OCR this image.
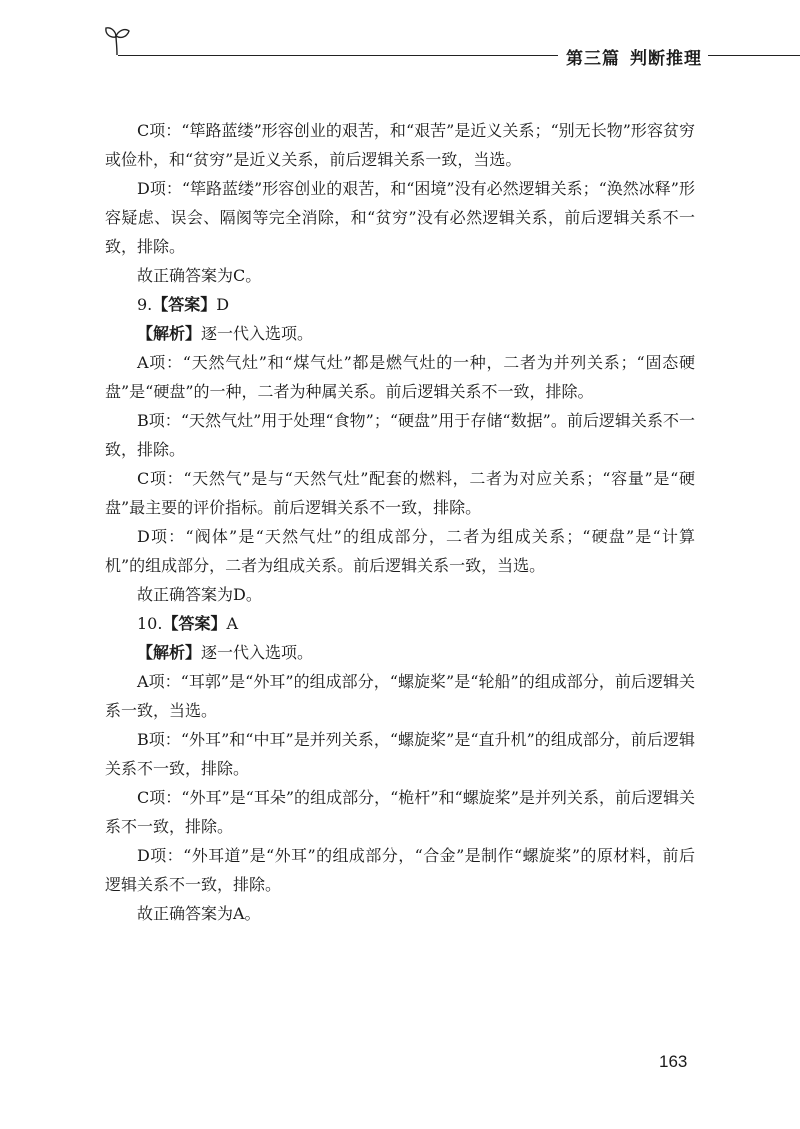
第三篇 判断推理

C项：“筚路蓝缕”形容创业的艰苦，和“艰苦”是近义关系；“别无长物”形容贫穷或俭朴，和“贫穷”是近义关系，前后逻辑关系一致，当选。

D项：“筚路蓝缕”形容创业的艰苦，和“困境”没有必然逻辑关系；“涣然冰释”形容疑虑、误会、隔阂等完全消除，和“贫穷”没有必然逻辑关系，前后逻辑关系不一致，排除。

故正确答案为C。

9.【答案】D

【解析】逐一代入选项。

A项：“天然气灶”和“煤气灶”都是燃气灶的一种，二者为并列关系；“固态硬盘”是“硬盘”的一种，二者为种属关系。前后逻辑关系不一致，排除。

B项：“天然气灶”用于处理“食物”；“硬盘”用于存储“数据”。前后逻辑关系不一致，排除。

C项：“天然气”是与“天然气灶”配套的燃料，二者为对应关系；“容量”是“硬盘”最主要的评价指标。前后逻辑关系不一致，排除。

D项：“阀体”是“天然气灶”的组成部分，二者为组成关系；“硬盘”是“计算机”的组成部分，二者为组成关系。前后逻辑关系一致，当选。

故正确答案为D。

10.【答案】A

【解析】逐一代入选项。

A项：“耳郭”是“外耳”的组成部分，“螺旋桨”是“轮船”的组成部分，前后逻辑关系一致，当选。

B项：“外耳”和“中耳”是并列关系，“螺旋桨”是“直升机”的组成部分，前后逻辑关系不一致，排除。

C项：“外耳”是“耳朵”的组成部分，“桅杆”和“螺旋桨”是并列关系，前后逻辑关系不一致，排除。

D项：“外耳道”是“外耳”的组成部分，“合金”是制作“螺旋桨”的原材料，前后逻辑关系不一致，排除。

故正确答案为A。

163
